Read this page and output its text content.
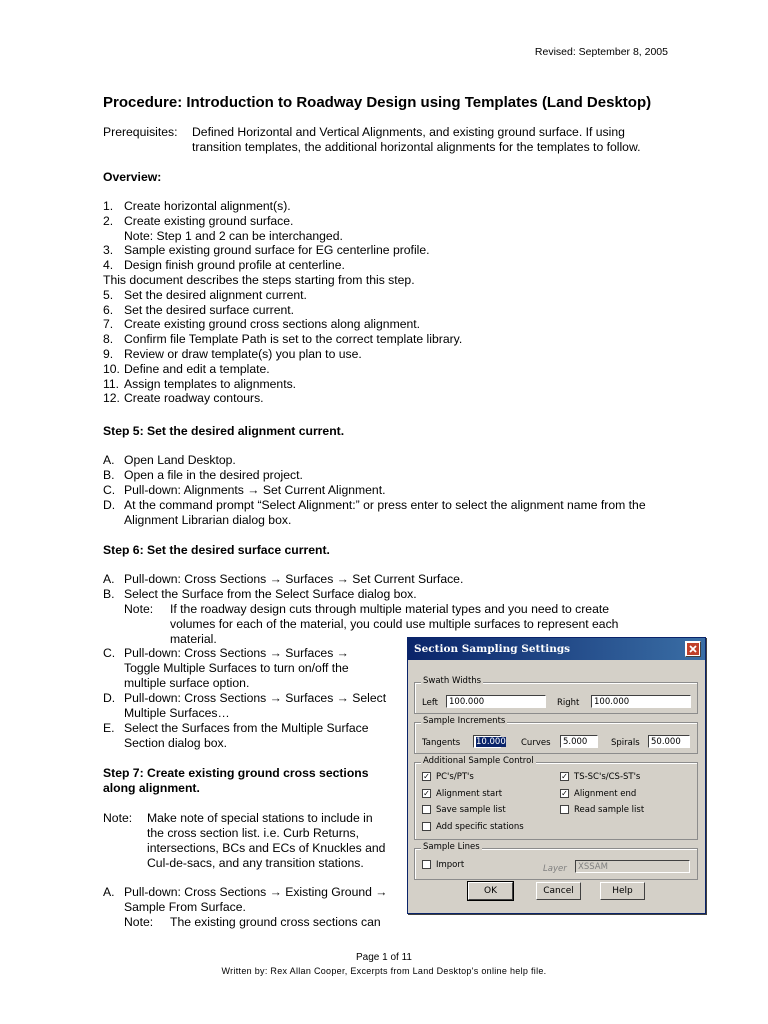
Revised: September 8, 2005
Procedure: Introduction to Roadway Design using Templates (Land Desktop)
Prerequisites: Defined Horizontal and Vertical Alignments, and existing ground surface. If using
transition templates, the additional horizontal alignments for the templates to follow.
Overview:
1. Create horizontal alignment(s).
2. Create existing ground surface.
Note: Step 1 and 2 can be interchanged.
3. Sample existing ground surface for EG centerline profile.
4. Design finish ground profile at centerline.
This document describes the steps starting from this step.
5. Set the desired alignment current.
6. Set the desired surface current.
7. Create existing ground cross sections along alignment.
8. Confirm file Template Path is set to the correct template library.
9. Review or draw template(s) you plan to use.
10. Define and edit a template.
11. Assign templates to alignments.
12. Create roadway contours.
Step 5: Set the desired alignment current.
A. Open Land Desktop.
B. Open a file in the desired project.
C. Pull-down: Alignments → Set Current Alignment.
D. At the command prompt “Select Alignment:” or press enter to select the alignment name from the
Alignment Librarian dialog box.
Step 6: Set the desired surface current.
A. Pull-down: Cross Sections → Surfaces → Set Current Surface.
B. Select the Surface from the Select Surface dialog box.
Note: If the roadway design cuts through multiple material types and you need to create
volumes for each of the material, you could use multiple surfaces to represent each
material.
C. Pull-down: Cross Sections → Surfaces →
Toggle Multiple Surfaces to turn on/off the
multiple surface option.
D. Pull-down: Cross Sections → Surfaces → Select
Multiple Surfaces…
E. Select the Surfaces from the Multiple Surface
Section dialog box.
Step 7: Create existing ground cross sections
along alignment.
Note: Make note of special stations to include in
the cross section list. i.e. Curb Returns,
intersections, BCs and ECs of Knuckles and
Cul-de-sacs, and any transition stations.
A. Pull-down: Cross Sections → Existing Ground →
Sample From Surface.
Note: The existing ground cross sections can
Section Sampling Settings
Swath Widths
Left	100.000	Right	100.000
Sample Increments
Tangents	10.000 Curves	5.000	Spirals	50.000
Additional Sample Control
✓ PC's/PT's	✓ TS-SC's/CS-ST's
✓ Alignment start	✓ Alignment end
Save sample list	Read sample list
Add specific stations
Sample Lines
Import	Layer	XSSAM
OK	Cancel	Help
Page 1 of 11
Written by: Rex Allan Cooper, Excerpts from Land Desktop's online help file.
